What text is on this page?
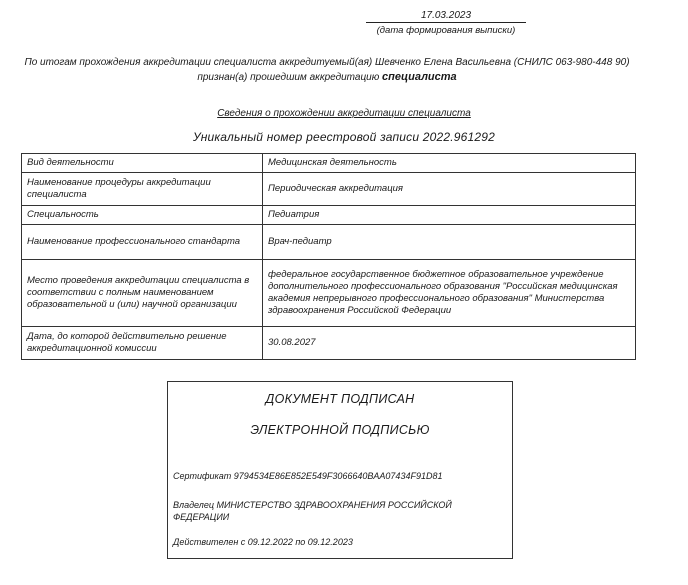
17.03.2023
(дата формирования выписки)
По итогам прохождения аккредитации специалиста аккредитуемый(ая) Шевченко Елена Васильевна (СНИЛС 063-980-448 90) признан(а) прошедшим аккредитацию специалиста
Сведения о прохождении аккредитации специалиста
Уникальный номер реестровой записи 2022.961292
Вид деятельности	Медицинская деятельность
Наименование процедуры аккредитации специалиста	Периодическая аккредитация
Специальность	Педиатрия
Наименование профессионального стандарта	Врач-педиатр
Место проведения аккредитации специалиста в соответствии с полным наименованием образовательной и (или) научной организации	федеральное государственное бюджетное образовательное учреждение дополнительного профессионального образования "Российская медицинская академия непрерывного профессионального образования" Министерства здравоохранения Российской Федерации
Дата, до которой действительно решение аккредитационной комиссии	30.08.2027
ДОКУМЕНТ ПОДПИСАН
ЭЛЕКТРОННОЙ ПОДПИСЬЮ
Сертификат 9794534E86E852E549F3066640BAA07434F91D81
Владелец МИНИСТЕРСТВО ЗДРАВООХРАНЕНИЯ РОССИЙСКОЙ ФЕДЕРАЦИИ
Действителен с 09.12.2022 по 09.12.2023
